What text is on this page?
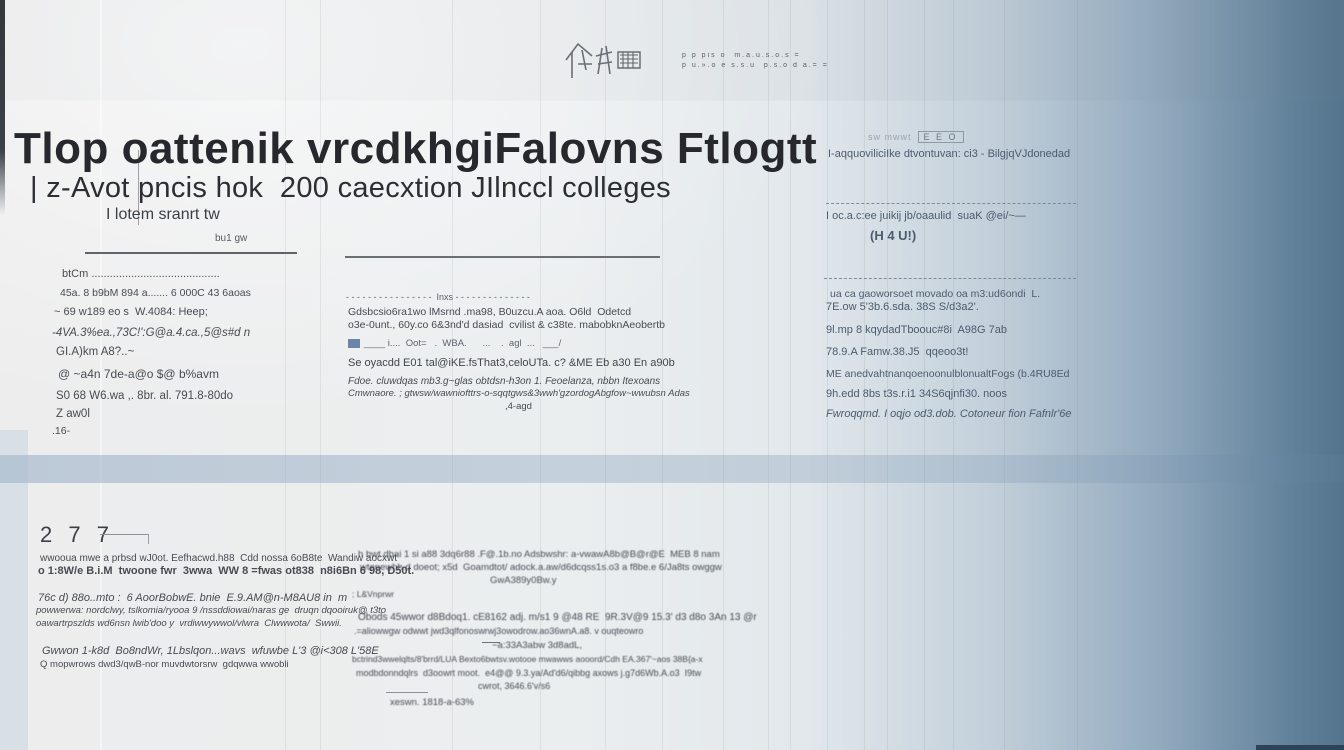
p p pis o  m.a.u.s.o.s =
p u.».o e s.s.u  p.s.o d a.= =
Tlop oattenik vrcdkhgiFalovns Ftlogtt
| z-Avot pncis hok  200 caecxtion JIlnccl colleges
I lotem sranrt tw
bu1 gw
btCm ..........................................
45a. 8 b9bM 894 a....... 6 000C 43 6aoas
~ 69 w189 eo s  W.4084: Heep;
-4VA.3%ea.,73C!':G@a.4.ca.,5@s#d n
GI.A)km A8?..~
@ ~a4n 7de-a@o $@ b%avm
S0 68 W6.wa ,. 8br. al. 791.8-80do
Z aw0l
.16-
- - - - - - - - - - - - - - - -  Inxs - - - - - - - - - - - - - -
Gdsbcsio6ra1wo lMsrnd .ma98, B0uzcu.A aoa. O6ld  Odetcd
o3e-0unt., 60y.co 6&3nd'd dasiad  cvilist & c38te. mabobknAeobertb
____ i....  Oot=   .  WBA.      ...    .  agl  ...   ___/
Se oyacdd E01 tal@iKE.fsThat3,celoUTa. c? &ME Eb a30 En a90b
Fdoe. cluwdqas mb3.g~glas obtdsn-h3on 1. Feoelanza, nbbn Itexoans
Cmwnaore. ; gtwsw/wawniofttrs-o-sqqtgws&3wwh'gzordogAbgfow~wwubsn Adas
,4-agd
sw mwwt E E O
I-aqquoviliciIke dtvontuvan: ci3 - BilgjqVJdonedad
I oc.a.c:ee juikij jb/oaaulid  suaK @ei/~—
(H 4 U!)
ua ca gaoworsoet movado oa m3:ud6ondi  L.
7E.ow 5'3b.6.sda. 38S S/d3a2'.
9l.mp 8 kqydadTboouc#8i  A98G 7ab
78.9.A Famw.38.J5  qqeoo3t!
ME anedvahtnanqoenoonulblonualtFogs (b.4RU8Ed
9h.edd 8bs t3s.r.i1 34S6qjnfi30. noos
Fwroqqmd. I oqjo od3.dob. Cotoneur fion Fafnlr'6e
2 7 7
wwooua mwe a prbsd wJ0ot. Eefhacwd.h88  Cdd nossa 6oB8te  Wandiw aocxwt
o 1:8W/e B.i.M  twoone fwr  3wwa  WW 8 =fwas ot838  n8i6Bn 6 98, D50t.
76c d) 88o..mto :  6 AoorBobwE. bnie  E.9.AM@n-M8AU8 in  m
powwerwa: nordclwy, tslkomia/ryooa 9 /nssddiowai/naras ge  druqn dqooiruk@ t3to
oawartrpszlds wd6nsn lwib'doo y  vrdiwwywwol/vlwra  Clwwwota/  Swwii.
Gwwon 1-k8d  Bo8ndWr, 1Lbslqon...wavs  wfuwbe L'3 @i<308 L'58E
Q mopwrows dwd3/qwB-nor muvdwtorsrw  gdqwwa wwobli
h bwt dbai 1 si a88 3dq6r88 .F@.1b.no Adsbwshr: a-vwawA8b@B@r@E  MEB 8 nam
wtenewhh.d doeot; x5d  Goamdtot/ adock.a.aw/d6dcqss1s.o3 a f8be.e 6/Ja8ts owggw
GwA389y0Bw.y
; L&Vnprwr
Obods 45wwor d8Bdoq1. cE8162 adj. m/s1 9 @48 RE  9R.3V@9 15.3' d3 d8o 3An 13 @r
.=aliowwgw odwwt jwd3qlfonoswrwj3owodrow.ao36wnA.a8. v ouqteowro
~a:33A3abw 3d8adL,
bctrind3wwelqlts/8'brrd/LUA Bexto6bwtsv.wotooe mwawws aooord/Cdh EA.367'~aos 38B{a-x
modbdonndqlrs  d3oowrt moot.  e4@@ 9.3.ya/Ad'd6/qibbg axows j.g7d6Wb.A.o3  I9tw
cwrot, 3646.6'v/s6
xeswn. 1818-a-63%
